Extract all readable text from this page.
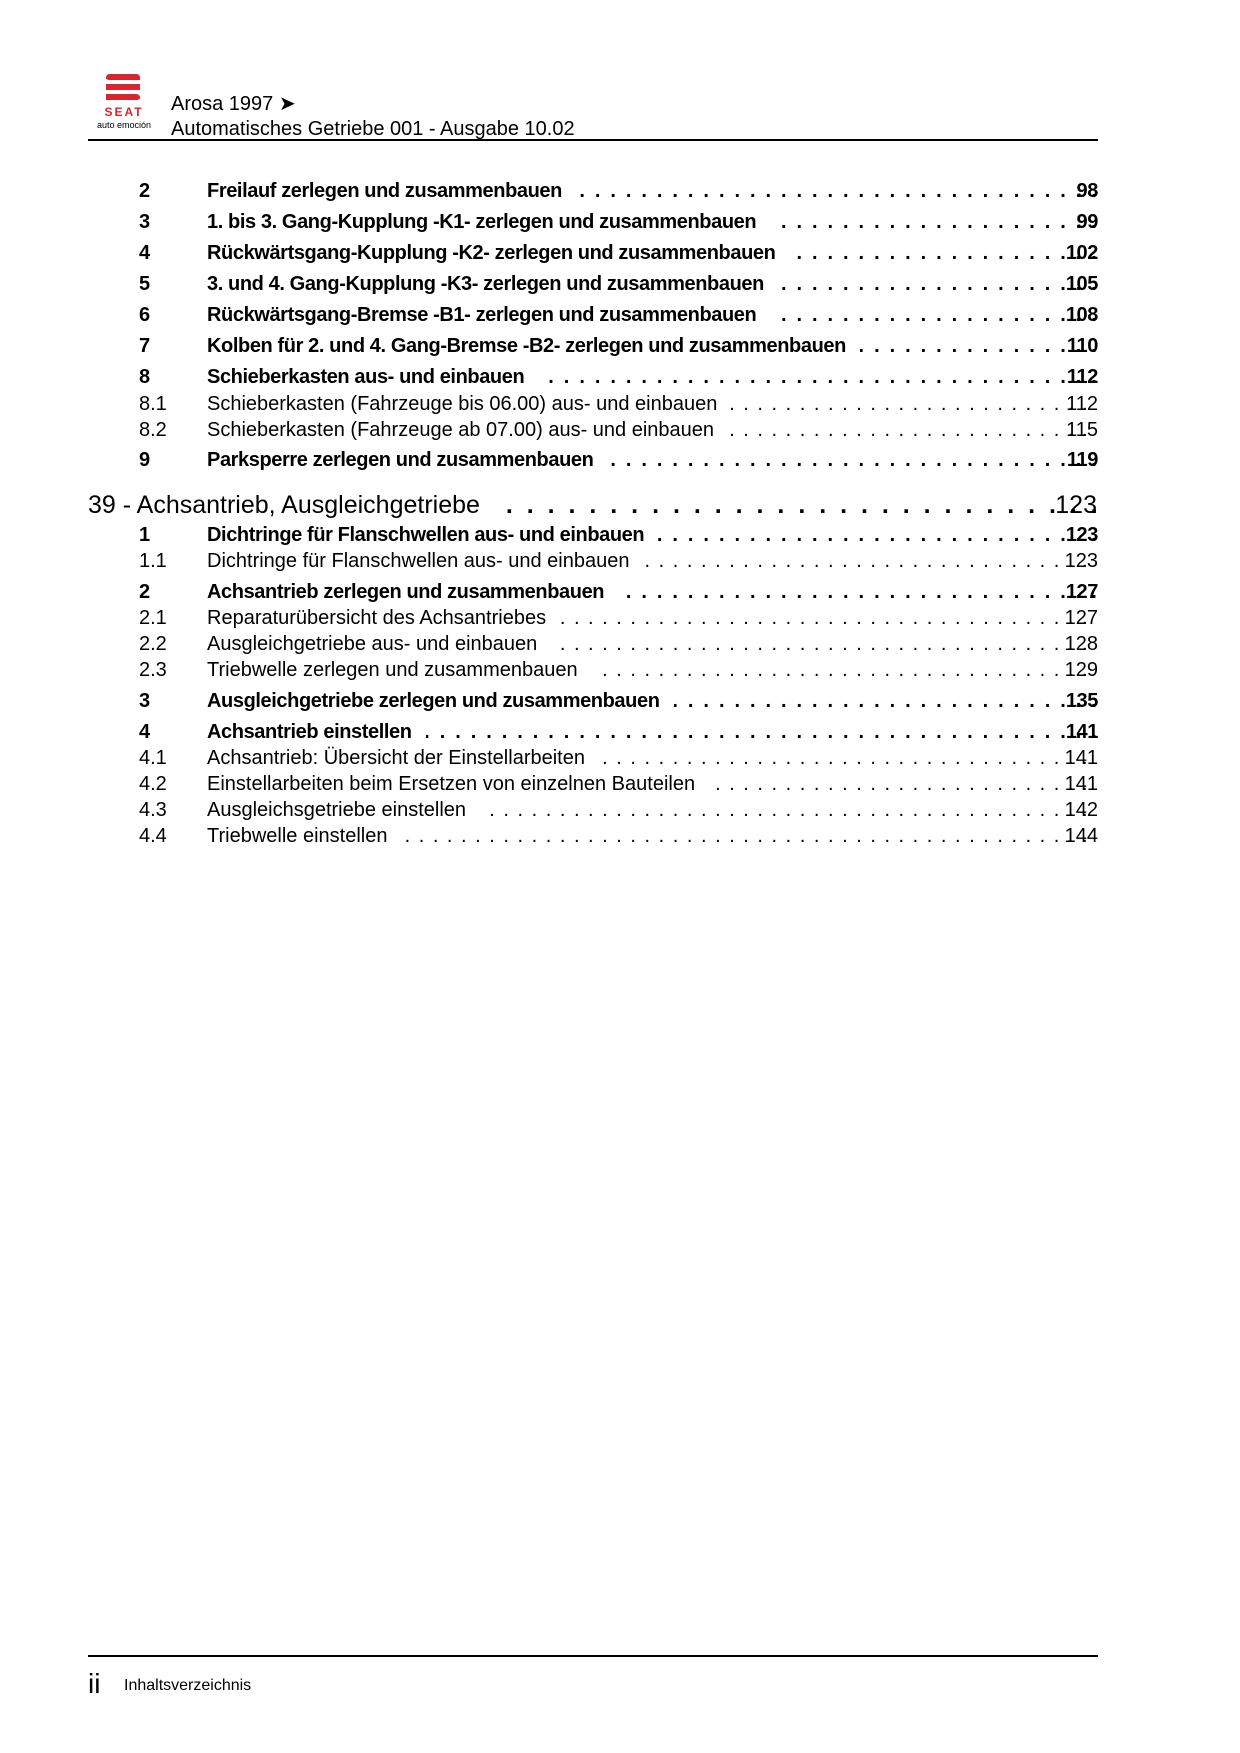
SEAT
auto emoción
Arosa 1997 ➤
Automatisches Getriebe 001 - Ausgabe 10.02
2	Freilauf zerlegen und zusammenbauen . . .	98
3	1. bis 3. Gang-Kupplung -K1- zerlegen und zusammenbauen . . .	99
4	Rückwärtsgang-Kupplung -K2- zerlegen und zusammenbauen . . .	102
5	3. und 4. Gang-Kupplung -K3- zerlegen und zusammenbauen . . .	105
6	Rückwärtsgang-Bremse -B1- zerlegen und zusammenbauen . . .	108
7	Kolben für 2. und 4. Gang-Bremse -B2- zerlegen und zusammenbauen . . .	110
8	Schieberkasten aus- und einbauen . . .	112
8.1 Schieberkasten (Fahrzeuge bis 06.00) aus- und einbauen . . .	112
8.2 Schieberkasten (Fahrzeuge ab 07.00) aus- und einbauen . . .	115
9	Parksperre zerlegen und zusammenbauen . . .	119
39 - Achsantrieb, Ausgleichgetriebe . . .	123
1	Dichtringe für Flanschwellen aus- und einbauen . . .	123
1.1 Dichtringe für Flanschwellen aus- und einbauen . . .	123
2	Achsantrieb zerlegen und zusammenbauen . . .	127
2.1 Reparaturübersicht des Achsantriebes . . .	127
2.2 Ausgleichgetriebe aus- und einbauen . . .	128
2.3 Triebwelle zerlegen und zusammenbauen . . .	129
3	Ausgleichgetriebe zerlegen und zusammenbauen . . .	135
4	Achsantrieb einstellen . . .	141
4.1 Achsantrieb: Übersicht der Einstellarbeiten . . .	141
4.2 Einstellarbeiten beim Ersetzen von einzelnen Bauteilen . . .	141
4.3 Ausgleichsgetriebe einstellen . . .	142
4.4 Triebwelle einstellen . . .	144
ii Inhaltsverzeichnis
